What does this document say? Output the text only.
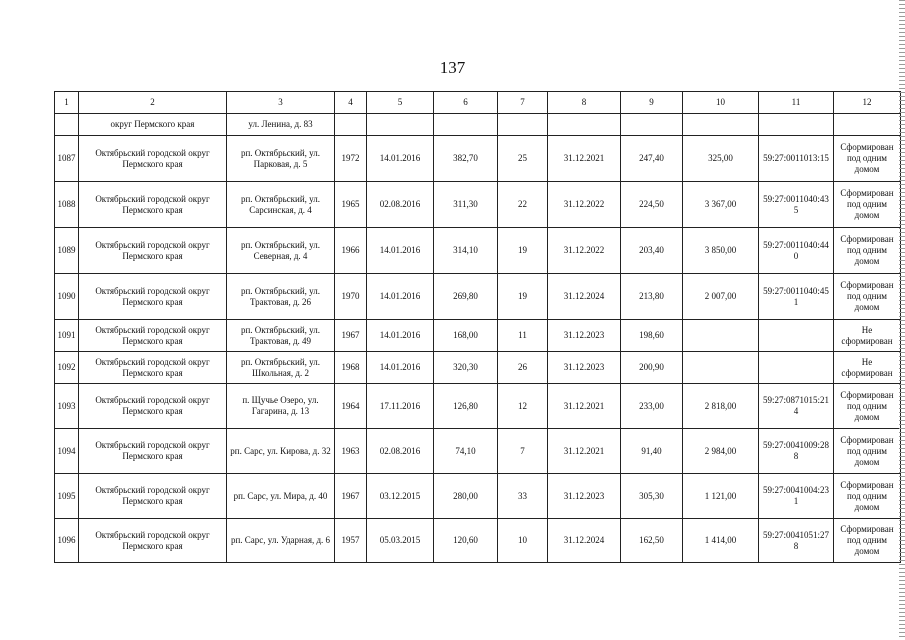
137
1	2	3	4	5	6	7	8	9	10	11	12
	округ Пермского края	ул. Ленина, д. 83									
1087	Октябрьский городской округ Пермского края	рп. Октябрьский, ул. Парковая, д. 5	1972	14.01.2016	382,70	25	31.12.2021	247,40	325,00	59:27:0011013:15	Сформирован под одним домом
1088	Октябрьский городской округ Пермского края	рп. Октябрьский, ул. Сарсинская, д. 4	1965	02.08.2016	311,30	22	31.12.2022	224,50	3 367,00	59:27:0011040:435	Сформирован под одним домом
1089	Октябрьский городской округ Пермского края	рп. Октябрьский, ул. Северная, д. 4	1966	14.01.2016	314,10	19	31.12.2022	203,40	3 850,00	59:27:0011040:440	Сформирован под одним домом
1090	Октябрьский городской округ Пермского края	рп. Октябрьский, ул. Трактовая, д. 26	1970	14.01.2016	269,80	19	31.12.2024	213,80	2 007,00	59:27:0011040:451	Сформирован под одним домом
1091	Октябрьский городской округ Пермского края	рп. Октябрьский, ул. Трактовая, д. 49	1967	14.01.2016	168,00	11	31.12.2023	198,60			Не сформирован
1092	Октябрьский городской округ Пермского края	рп. Октябрьский, ул. Школьная, д. 2	1968	14.01.2016	320,30	26	31.12.2023	200,90			Не сформирован
1093	Октябрьский городской округ Пермского края	п. Щучье Озеро, ул. Гагарина, д. 13	1964	17.11.2016	126,80	12	31.12.2021	233,00	2 818,00	59:27:0871015:214	Сформирован под одним домом
1094	Октябрьский городской округ Пермского края	рп. Сарс, ул. Кирова, д. 32	1963	02.08.2016	74,10	7	31.12.2021	91,40	2 984,00	59:27:0041009:288	Сформирован под одним домом
1095	Октябрьский городской округ Пермского края	рп. Сарс, ул. Мира, д. 40	1967	03.12.2015	280,00	33	31.12.2023	305,30	1 121,00	59:27:0041004:231	Сформирован под одним домом
1096	Октябрьский городской округ Пермского края	рп. Сарс, ул. Ударная, д. 6	1957	05.03.2015	120,60	10	31.12.2024	162,50	1 414,00	59:27:0041051:278	Сформирован под одним домом
